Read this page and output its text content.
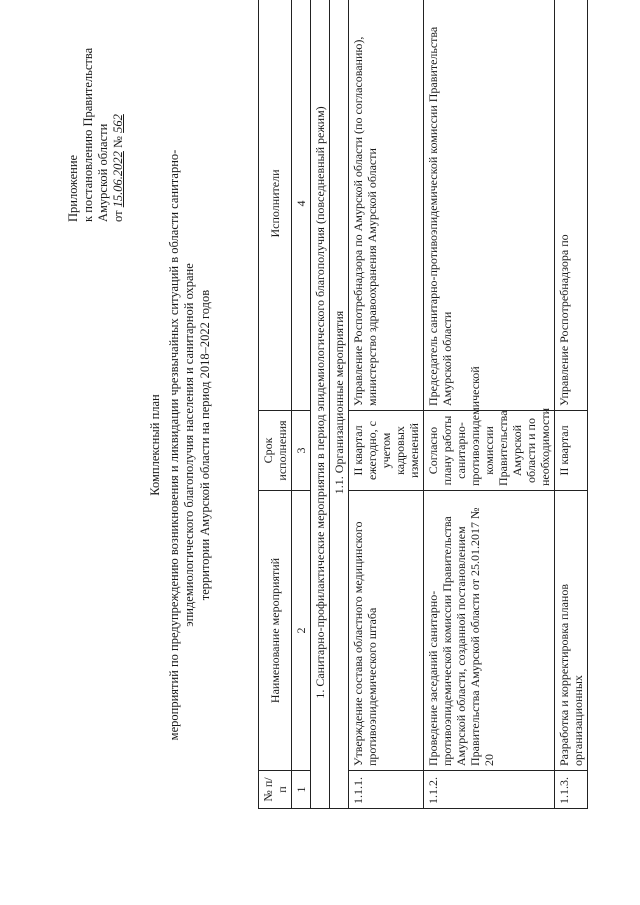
Приложение к постановлению Правительства Амурской области от 15.06.2022 № 562
Комплексный план мероприятий по предупреждению возникновения и ликвидации чрезвычайных ситуаций в области санитарно- эпидемиологического благополучия населения и санитарной охране территории Амурской области на период 2018–2022 годов
№ п/п	Наименование мероприятий	Срок исполнения	Исполнители
1	2	3	4
1. Санитарно-профилактические мероприятия в период эпидемиологического благополучия (повседневный режим)			
1.1. Организационные мероприятия			
1.1.1.	Утверждение состава областного медицинского противоэпидемического штаба	II квартал ежегодно, с учетом кадровых изменений	Управление Роспотребнадзора по Амурской области (по согласованию), министерство здравоохранения Амурской области
1.1.2.	Проведение заседаний санитарно-противоэпидемической комиссии Правительства Амурской области, созданной постановлением Правительства Амурской области от 25.01.2017 № 20	Согласно плану работы санитарно-противоэпидемической комиссии Правительства Амурской области и по необходимости	Председатель санитарно-противоэпидемической комиссии Правительства Амурской области
1.1.3.	Разработка и корректировка планов организационных	II квартал	Управление Роспотребнадзора по
